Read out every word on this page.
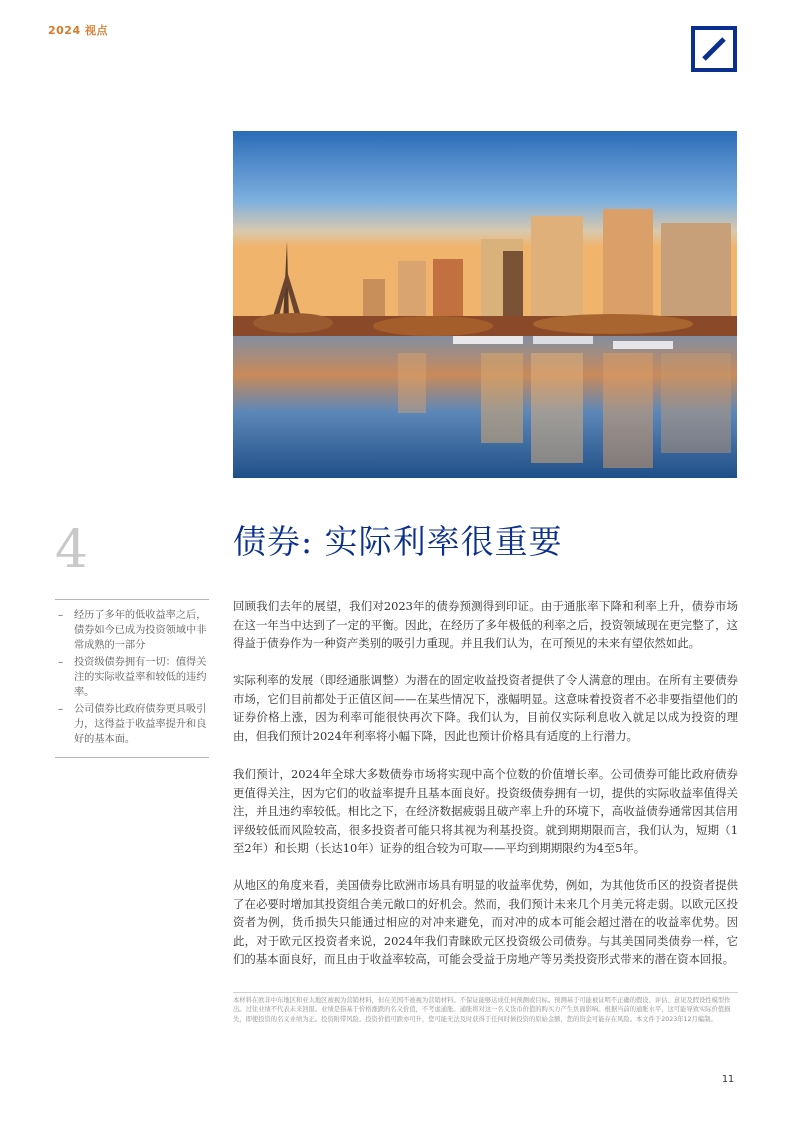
2024 视点
4	债券: 实际利率很重要
– 经历了多年的低收益率之后，债券如今已成为投资领域中非常成熟的一部分
– 投资级债券拥有一切：值得关注的实际收益率和较低的违约率。
– 公司债券比政府债券更具吸引力，这得益于收益率提升和良好的基本面。

回顾我们去年的展望，我们对2023年的债券预测得到印证。由于通胀率下降和利率上升，债券市场在这一年当中达到了一定的平衡。因此，在经历了多年极低的利率之后，投资领域现在更完整了，这得益于债券作为一种资产类别的吸引力重现。并且我们认为，在可预见的未来有望依然如此。

实际利率的发展（即经通胀调整）为潜在的固定收益投资者提供了令人满意的理由。在所有主要债券市场，它们目前都处于正值区间——在某些情况下，涨幅明显。这意味着投资者不必非要指望他们的证券价格上涨，因为利率可能很快再次下降。我们认为，目前仅实际利息收入就足以成为投资的理由，但我们预计2024年利率将小幅下降，因此也预计价格具有适度的上行潜力。

我们预计，2024年全球大多数债券市场将实现中高个位数的价值增长率。公司债券可能比政府债券更值得关注，因为它们的收益率提升且基本面良好。投资级债券拥有一切，提供的实际收益率值得关注，并且违约率较低。相比之下，在经济数据疲弱且破产率上升的环境下，高收益债券通常因其信用评级较低而风险较高，很多投资者可能只将其视为利基投资。就到期期限而言，我们认为，短期（1至2年）和长期（长达10年）证券的组合较为可取——平均到期期限约为4至5年。

从地区的角度来看，美国债券比欧洲市场具有明显的收益率优势，例如，为其他货币区的投资者提供了在必要时增加其投资组合美元敞口的好机会。然而，我们预计未来几个月美元将走弱。以欧元区投资者为例，货币损失只能通过相应的对冲来避免，而对冲的成本可能会超过潜在的收益率优势。因此，对于欧元区投资者来说，2024年我们青睐欧元区投资级公司债券。与其美国同类债券一样，它们的基本面良好，而且由于收益率较高，可能会受益于房地产等另类投资形式带来的潜在资本回报。

本材料在欧非中东地区和亚太地区被视为营销材料，但在美国不被视为营销材料。不保证能够达成任何预测或目标。预测基于可能被证明不正确的假设、评估、意见及假设性模型作出。过往业绩不代表未来回报。业绩是指基于价格涨跌的名义价值，不考虑通胀。通胀将对这一名义货币价值的购买力产生负面影响。根据当前的通胀水平，这可能导致实际价值损失，即使投资的名义业绩为正。投资附带风险。投资价值可跌亦可升，您可能无法及时获得于任何时候投资的原始金额，您的资金可能存在风险。本文件于2023年12月编制。

11
